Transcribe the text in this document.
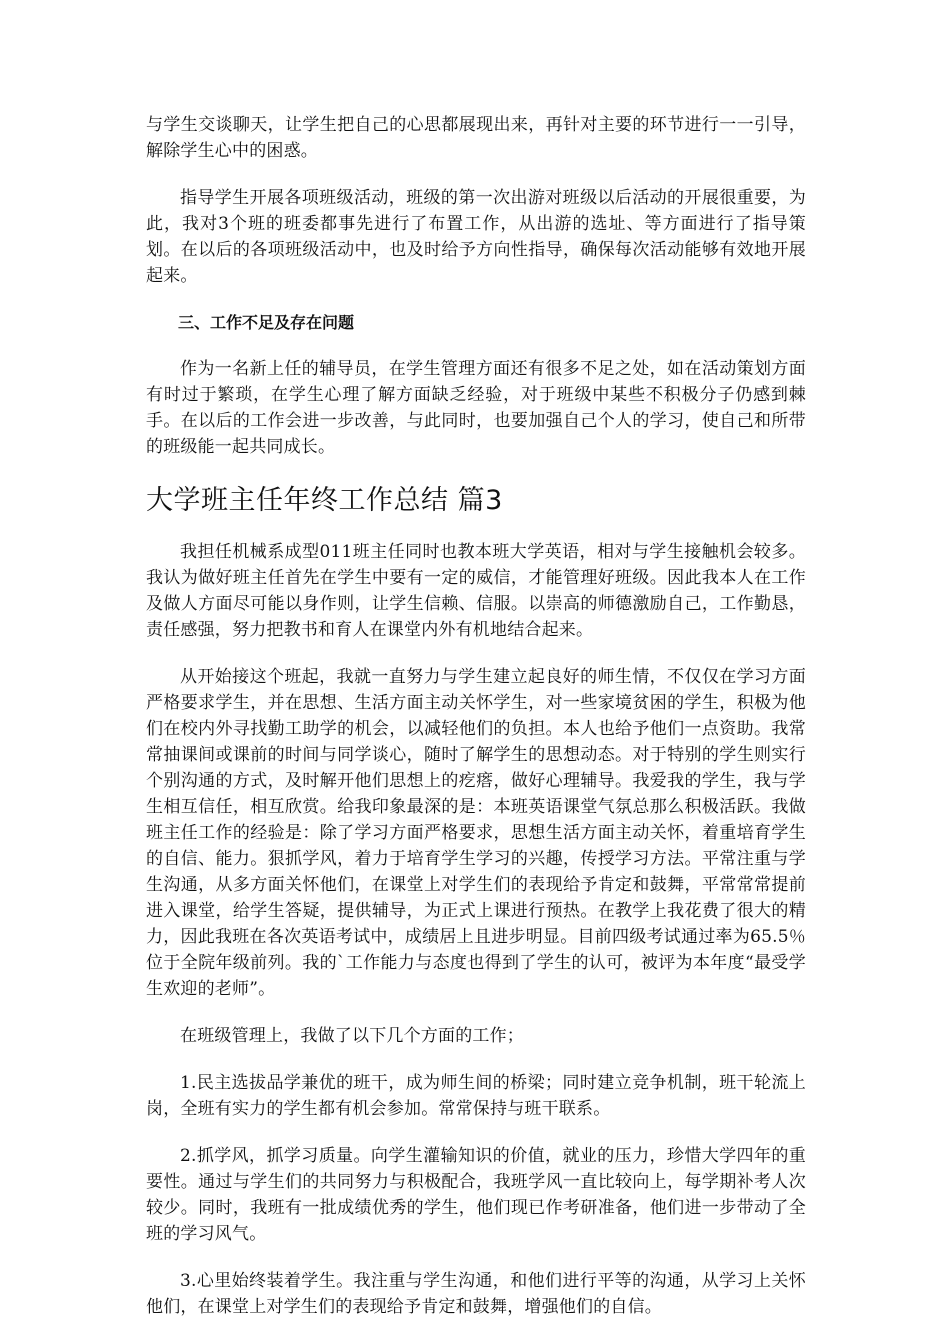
与学生交谈聊天，让学生把自己的心思都展现出来，再针对主要的环节进行一一引导，解除学生心中的困惑。

指导学生开展各项班级活动，班级的第一次出游对班级以后活动的开展很重要，为此，我对3个班的班委都事先进行了布置工作，从出游的选址、等方面进行了指导策划。在以后的各项班级活动中，也及时给予方向性指导，确保每次活动能够有效地开展起来。

三、工作不足及存在问题

作为一名新上任的辅导员，在学生管理方面还有很多不足之处，如在活动策划方面有时过于繁琐，在学生心理了解方面缺乏经验，对于班级中某些不积极分子仍感到棘手。在以后的工作会进一步改善，与此同时，也要加强自己个人的学习，使自己和所带的班级能一起共同成长。

大学班主任年终工作总结 篇3

我担任机械系成型011班主任同时也教本班大学英语，相对与学生接触机会较多。我认为做好班主任首先在学生中要有一定的威信，才能管理好班级。因此我本人在工作及做人方面尽可能以身作则，让学生信赖、信服。以崇高的师德激励自己，工作勤恳，责任感强，努力把教书和育人在课堂内外有机地结合起来。

从开始接这个班起，我就一直努力与学生建立起良好的师生情，不仅仅在学习方面严格要求学生，并在思想、生活方面主动关怀学生，对一些家境贫困的学生，积极为他们在校内外寻找勤工助学的机会，以减轻他们的负担。本人也给予他们一点资助。我常常抽课间或课前的时间与同学谈心，随时了解学生的思想动态。对于特别的学生则实行个别沟通的方式，及时解开他们思想上的疙瘩，做好心理辅导。我爱我的学生，我与学生相互信任，相互欣赏。给我印象最深的是：本班英语课堂气氛总那么积极活跃。我做班主任工作的经验是：除了学习方面严格要求，思想生活方面主动关怀，着重培育学生的自信、能力。狠抓学风，着力于培育学生学习的兴趣，传授学习方法。平常注重与学生沟通，从多方面关怀他们，在课堂上对学生们的表现给予肯定和鼓舞，平常常常提前进入课堂，给学生答疑，提供辅导，为正式上课进行预热。在教学上我花费了很大的精力，因此我班在各次英语考试中，成绩居上且进步明显。目前四级考试通过率为65.5％ 位于全院年级前列。我的`工作能力与态度也得到了学生的认可，被评为本年度“最受学生欢迎的老师”。

在班级管理上，我做了以下几个方面的工作；

1.民主选拔品学兼优的班干，成为师生间的桥梁；同时建立竞争机制，班干轮流上岗，全班有实力的学生都有机会参加。常常保持与班干联系。

2.抓学风，抓学习质量。向学生灌输知识的价值，就业的压力，珍惜大学四年的重要性。通过与学生们的共同努力与积极配合，我班学风一直比较向上，每学期补考人次较少。同时，我班有一批成绩优秀的学生，他们现已作考研准备，他们进一步带动了全班的学习风气。

3.心里始终装着学生。我注重与学生沟通，和他们进行平等的沟通，从学习上关怀他们，在课堂上对学生们的表现给予肯定和鼓舞，增强他们的自信。
